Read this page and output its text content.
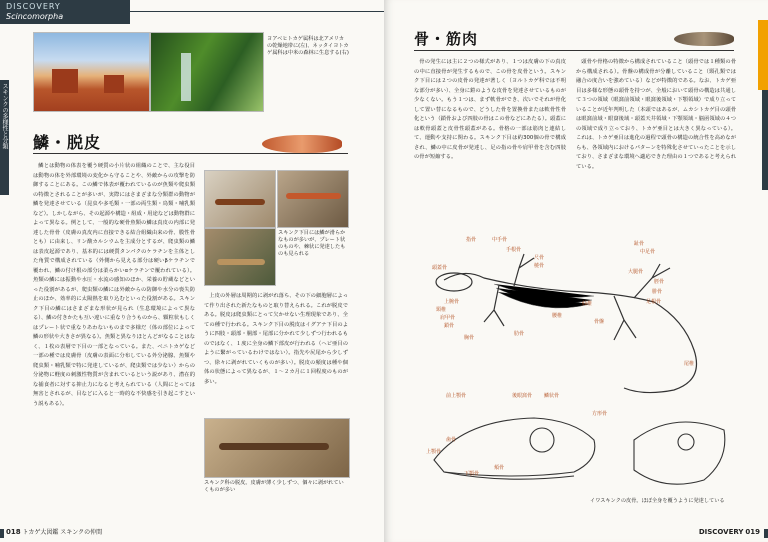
DISCOVERY
Scincomorpha
スキンクの多様性と分類
ヨアベヒトカゲ属科は北アメリカの乾燥地帯に(左)、ネッタイヨトカゲ属科は中米の森林に生息する(右)
鱗・脱皮

鱗とは動物の体表を覆う硬質の小片状の組織のことで、主な役目は動物の体を外部環境の変化から守ることや、外敵からの攻撃を防御することにある。この鱗で体表が覆われているのが魚類や爬虫類の特徴とされることが多いが、実際にはさまざまな分類群の動物が鱗を発達させている（昆虫や多毛類・一部の両生類・鳥類・哺乳類など）。しかしながら、その起源や構造・組成・用途などは動物群によって異なる。例として、一般的な硬骨魚類の鱗は真皮の内部に発達した骨骨（皮膚の真皮内に直接できる結合組織由来の骨、膜性骨とも）に由来し、リン酸カルシウムを主成分とするが、爬虫類の鱗は表皮起源であり、基本的には硬質タンパクのケラチンを主体とした角質で構成されている（外側から見える部分は硬いβケラチンで覆われ、鱗の付け根の部分は柔らかいαケラチンで覆われている）。魚類の鱗には振動や水圧・水流の感知のほか、栄養の貯蔵などといった役割があるが、爬虫類の鱗には外敵からの防御や水分の喪失防止のほか、効率的に太陽熱を取り込むといった役割がある。スキンク下目の鱗にはさまざまな形状が見られ（生息環境によって異なる）、鱗の付きかたも互い違いに重なり合うものから、顆粒状もしくはプレート状で重なりあわないものまで多様だ（体の部位によって鱗の形状や大きさが異なる）。魚類と異なりほとんどがなることはなく、１枚の表層で下目の一部となっている。また、ベニトカゲなど一部の種では皮膚骨（皮膚の表面に分布している外分泌腺、魚類や爬虫類・哺乳類で特に発達しているが、爬虫類では少ない）からの分泌物に軽度の刺激性物質が含まれているという説があり、潜在的な捕食者に対する抑止力になると考えられている（人間にとっては無害とされるが、目などに入ると一時的な不快感を引き起こすという説もある）。

スキンク下目には鱗が滑らかなものが多いが、プレート状のものや、棘状に発達したものも見られる

上皮の外層は周期的に剥がれ落ち、その下の細胞層によって作り出された新たなものと取り替えられる。これが脱皮である。脱皮は爬虫類にとって欠かせない生理現象であり、全ての種で行われる。スキンク下目の脱皮はイグアナ下目のように四肢・頭部・胴部・尾部に分かれて少しずつ行われるものではなく、１度に全身の鱗下部皮が行われる（ヘビ亜目のように繋がっているわけではない）。指先や尻尾から少しずつ、徐々に剥がれていくものが多い）。脱皮の頻度は種や個体の状態によって異なるが、１〜２カ月に１回程度のものが多い。

スキンク科の脱皮。皮膚が薄く少しずつ、個々に剥がれていくものが多い
018 トカゲ大図鑑 スキンクの仲間
骨・筋肉

骨の発生には主に２つの様式があり、１つは皮膚の下の真皮の中に直接骨が発生するもので、この骨を皮骨という。スキンク下目には２つの皮骨の発達が著しく（ヨルトカゲ科では不明な部分が多い）、全身に鎧のような皮骨を発達させているものが少なくない。もう１つは、まず軟骨ができ、次いでそれが骨化して置い替になるもので、どうした骨を置換骨または軟骨性骨化という（鎖骨および四肢の骨はこの骨などにあたる）。頭蓋には軟骨頭蓋と皮骨性頭蓋がある。骨格の一部は筋肉と連結して、運動や支持に関わる。スキンク下目は約300個の骨で構成され、鱗の中に皮骨が発達し、足の指の骨や肩甲骨を含む四肢の骨が短縮する。

頭骨や骨格の特徴から構成されていること（頭骨では１種類の骨から構成される）。骨盤の構成骨が分離していること（頸孔類では融合の度合いを強めている）などが特徴的である。なお、トカゲ亜目は多様な形態の頭骨を持つが、全般において頭骨の構造は共通して３つの領域（眼窩前領域・眼窩後領域・下顎領域）で成り立っていることが近年判明した（本頭ではあるが、ムカシトカゲ目の頭骨は眼窩前域・眼窩後域・頭蓋天井領域・下顎領域・脳函領域の４つの領域で成り立っており、トカゲ亜目とは大きく異なっている）。これは、トカゲ亜目は進化の過程で頭骨の構造の統合性を高めながらも、各領域内におけるパターンを特殊化させていったことを示しており、さまざまな環境へ適応できた理由の１つであると考えられている。

イワスキンクの皮骨。ほぼ全身を覆うように発達している
DISCOVERY 019
指骨	中手骨
手根骨
尺骨
頭蓋骨	橈骨
上腕骨
頸椎
肩甲骨
鎖骨
胸骨
肋骨
腰椎
仙椎
大腿骨
脛骨
腓骨
足根骨
中足骨
趾骨
骨盤
尾椎
前上顎骨	後眼窩骨
方形骨
上顎骨
鱗状骨
頬骨
下顎骨
歯骨
